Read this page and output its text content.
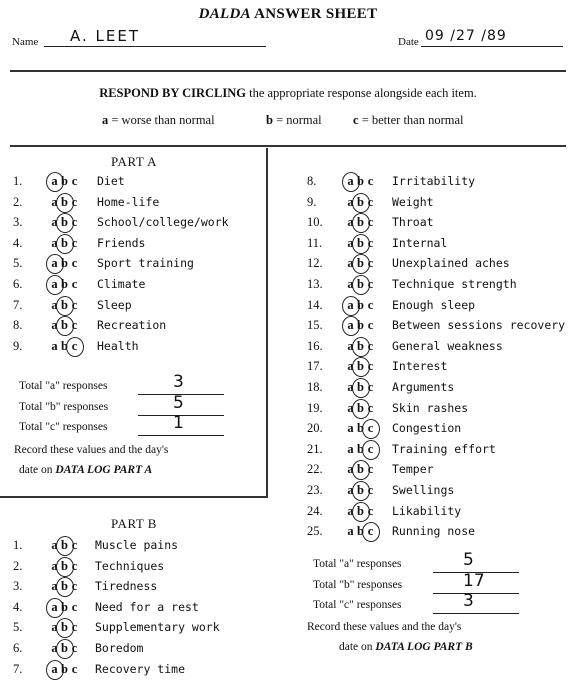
DALDA ANSWER SHEET
Name A. LEET	Date 09 /27 /89
RESPOND BY CIRCLING the appropriate response alongside each item.
a = worse than normal	b = normal	c = better than normal
PART A
1. a b c Diet
2. a b c Home-life
3. a b c School/college/work
4. a b c Friends
5. a b c Sport training
6. a b c Climate
7. a b c Sleep
8. a b c Recreation
9. a b c Health
8. a b c Irritability
9. a b c Weight
10. a b c Throat
11. a b c Internal
12. a b c Unexplained aches
13. a b c Technique strength
14. a b c Enough sleep
15. a b c Between sessions recovery
16. a b c General weakness
17. a b c Interest
18. a b c Arguments
19. a b c Skin rashes
20. a b c Congestion
21. a b c Training effort
22. a b c Temper
23. a b c Swellings
24. a b c Likability
25. a b c Running nose
1. a b c Muscle pains
2. a b c Techniques
3. a b c Tiredness
4. a b c Need for a rest
5. a b c Supplementary work
6. a b c Boredom
7. a b c Recovery time
Total "a" responses	3
Total "b" responses	5
Total "c" responses	1
Record these values and the day's
date on DATA LOG PART A
PART B
Total "a" responses	5
Total "b" responses	17
Total "c" responses	3
Record these values and the day's
date on DATA LOG PART B
